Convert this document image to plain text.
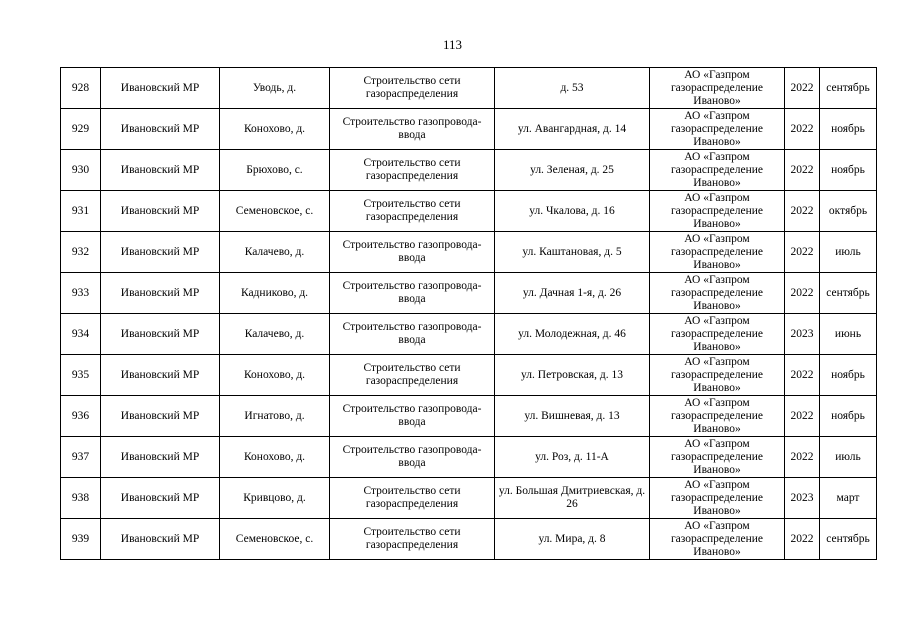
113
928	Ивановский МР	Уводь, д.	Строительство сети газораспределения	д. 53	АО «Газпром газораспределение Иваново»	2022	сентябрь
929	Ивановский МР	Конохово, д.	Строительство газопровода-ввода	ул. Авангардная, д. 14	АО «Газпром газораспределение Иваново»	2022	ноябрь
930	Ивановский МР	Брюхово, с.	Строительство сети газораспределения	ул. Зеленая, д. 25	АО «Газпром газораспределение Иваново»	2022	ноябрь
931	Ивановский МР	Семеновское, с.	Строительство сети газораспределения	ул. Чкалова, д. 16	АО «Газпром газораспределение Иваново»	2022	октябрь
932	Ивановский МР	Калачево, д.	Строительство газопровода-ввода	ул. Каштановая, д. 5	АО «Газпром газораспределение Иваново»	2022	июль
933	Ивановский МР	Кадниково, д.	Строительство газопровода-ввода	ул. Дачная 1-я, д. 26	АО «Газпром газораспределение Иваново»	2022	сентябрь
934	Ивановский МР	Калачево, д.	Строительство газопровода-ввода	ул. Молодежная, д. 46	АО «Газпром газораспределение Иваново»	2023	июнь
935	Ивановский МР	Конохово, д.	Строительство сети газораспределения	ул. Петровская, д. 13	АО «Газпром газораспределение Иваново»	2022	ноябрь
936	Ивановский МР	Игнатово, д.	Строительство газопровода-ввода	ул. Вишневая, д. 13	АО «Газпром газораспределение Иваново»	2022	ноябрь
937	Ивановский МР	Конохово, д.	Строительство газопровода-ввода	ул. Роз, д. 11-А	АО «Газпром газораспределение Иваново»	2022	июль
938	Ивановский МР	Кривцово, д.	Строительство сети газораспределения	ул. Большая Дмитриевская, д. 26	АО «Газпром газораспределение Иваново»	2023	март
939	Ивановский МР	Семеновское, с.	Строительство сети газораспределения	ул. Мира, д. 8	АО «Газпром газораспределение Иваново»	2022	сентябрь
